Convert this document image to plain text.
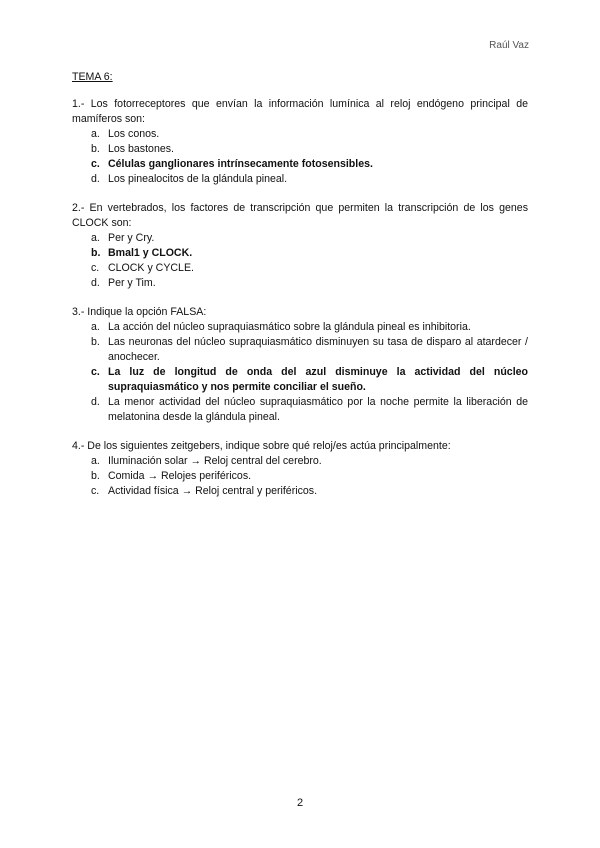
Raúl Vaz
TEMA 6:
1.- Los fotorreceptores que envían la información lumínica al reloj endógeno principal de mamíferos son:
a. Los conos.
b. Los bastones.
c. Células ganglionares intrínsecamente fotosensibles.
d. Los pinealocitos de la glándula pineal.
2.- En vertebrados, los factores de transcripción que permiten la transcripción de los genes CLOCK son:
a. Per y Cry.
b. Bmal1 y CLOCK.
c. CLOCK y CYCLE.
d. Per y Tim.
3.- Indique la opción FALSA:
a. La acción del núcleo supraquiasmático sobre la glándula pineal es inhibitoria.
b. Las neuronas del núcleo supraquiasmático disminuyen su tasa de disparo al atardecer / anochecer.
c. La luz de longitud de onda del azul disminuye la actividad del núcleo supraquiasmático y nos permite conciliar el sueño.
d. La menor actividad del núcleo supraquiasmático por la noche permite la liberación de melatonina desde la glándula pineal.
4.- De los siguientes zeitgebers, indique sobre qué reloj/es actúa principalmente:
a. Iluminación solar → Reloj central del cerebro.
b. Comida → Relojes periféricos.
c. Actividad física → Reloj central y periféricos.
2
